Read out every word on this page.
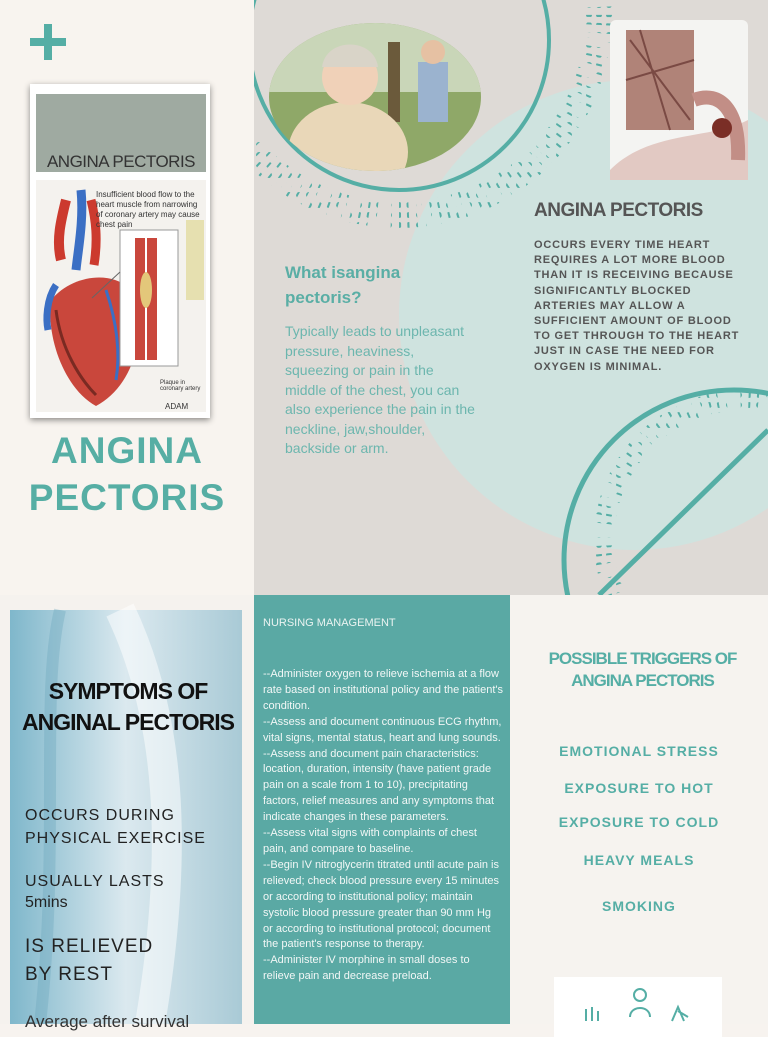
ANGINA PECTORIS
Insufficient blood flow to the heart muscle from narrowing of coronary artery may cause chest pain
Plaque in coronary artery
ADAM
ANGINA
PECTORIS
What isangina pectoris?
Typically leads to unpleasant pressure, heaviness, squeezing or pain in the middle of the chest, you can also experience the pain in the neckline, jaw,shoulder, backside or arm.
ANGINA PECTORIS
OCCURS EVERY TIME HEART REQUIRES A LOT MORE BLOOD THAN IT IS RECEIVING BECAUSE SIGNIFICANTLY BLOCKED ARTERIES MAY ALLOW A SUFFICIENT AMOUNT OF BLOOD TO GET THROUGH TO THE HEART JUST IN CASE THE NEED FOR OXYGEN IS MINIMAL.
SYMPTOMS OF ANGINAL PECTORIS
OCCURS DURING PHYSICAL EXERCISE
USUALLY LASTS
5mins
IS RELIEVED
BY REST
Average after survival
NURSING MANAGEMENT
--Administer oxygen to relieve ischemia at a flow rate based on institutional policy and the patient's condition.
--Assess and document continuous ECG rhythm, vital signs, mental status, heart and lung sounds.
--Assess and document pain characteristics: location, duration, intensity (have patient grade pain on a scale from 1 to 10), precipitating factors, relief measures and any symptoms that indicate changes in these parameters.
--Assess vital signs with complaints of chest pain, and compare to baseline.
--Begin IV nitroglycerin titrated until acute pain is relieved; check blood pressure every 15 minutes or according to institutional policy; maintain systolic blood pressure greater than 90 mm Hg or according to institutional protocol; document the patient's response to therapy.
--Administer IV morphine in small doses to relieve pain and decrease preload.
POSSIBLE TRIGGERS OF ANGINA PECTORIS
EMOTIONAL STRESS
EXPOSURE TO HOT
EXPOSURE TO COLD
HEAVY MEALS
SMOKING
